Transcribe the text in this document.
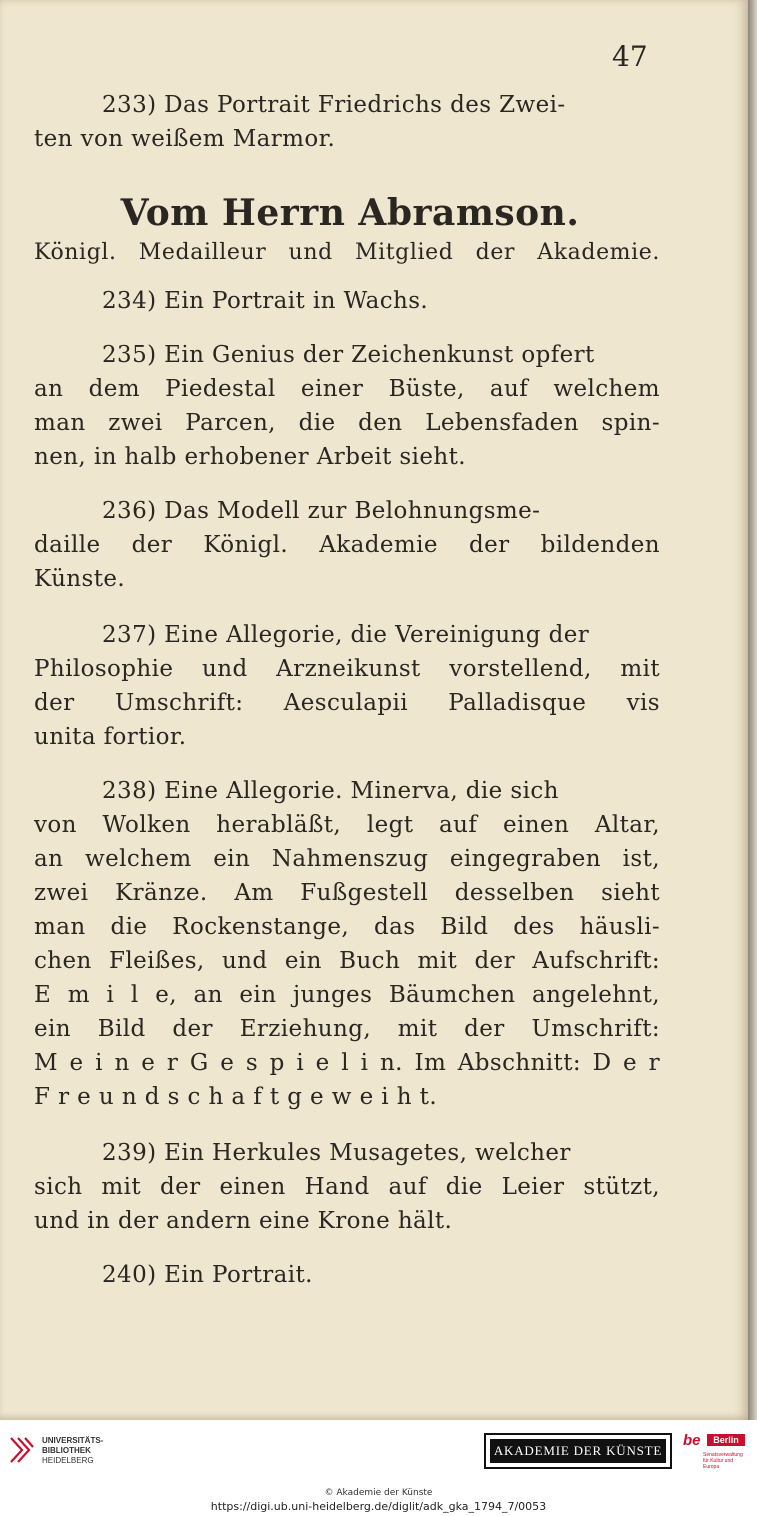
47
233) Das Portrait Friedrichs des Zwei-
ten von weißem Marmor.
Vom Herrn Abramson.
Königl. Medailleur und Mitglied der Akademie.
234) Ein Portrait in Wachs.
235) Ein Genius der Zeichenkunst opfert
an dem Piedestal einer Büste, auf welchem
man zwei Parcen, die den Lebensfaden spin-
nen, in halb erhobener Arbeit sieht.
236) Das Modell zur Belohnungsme-
daille der Königl. Akademie der bildenden
Künste.
237) Eine Allegorie, die Vereinigung der
Philosophie und Arzneikunst vorstellend, mit
der Umschrift: Aesculapii Palladisque vis
unita fortior.
238) Eine Allegorie. Minerva, die sich
von Wolken herabläßt, legt auf einen Altar,
an welchem ein Nahmenszug eingegraben ist,
zwei Kränze. Am Fußgestell desselben sieht
man die Rockenstange, das Bild des häusli-
chen Fleißes, und ein Buch mit der Aufschrift:
E m i l e, an ein junges Bäumchen angelehnt,
ein Bild der Erziehung, mit der Umschrift:
M e i n e r G e s p i e l i n. Im Abschnitt: D e r
F r e u n d s c h a f t g e w e i h t.
239) Ein Herkules Musagetes, welcher
sich mit der einen Hand auf die Leier stützt,
und in der andern eine Krone hält.
240) Ein Portrait.
UNIVERSITÄTS-
BIBLIOTHEK
HEIDELBERG
AKADEMIE DER KÜNSTE
be	Berlin
Senatsverwaltung für Kultur und Europa
© Akademie der Künste
https://digi.ub.uni-heidelberg.de/diglit/adk_gka_1794_7/0053
